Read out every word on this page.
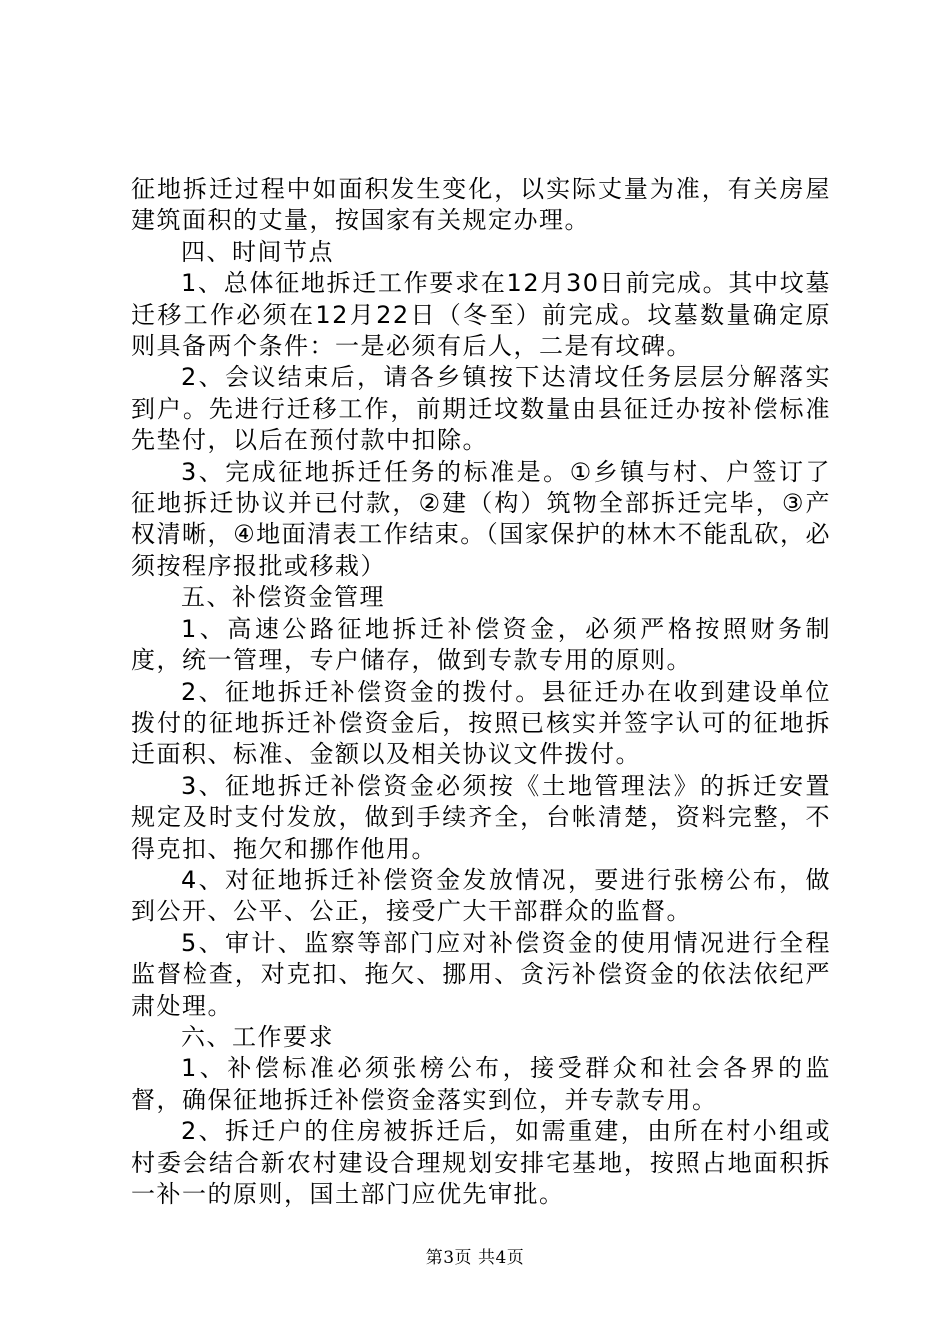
征地拆迁过程中如面积发生变化，以实际丈量为准，有关房屋建筑面积的丈量，按国家有关规定办理。

四、时间节点

1、总体征地拆迁工作要求在12月30日前完成。其中坟墓迁移工作必须在12月22日（冬至）前完成。坟墓数量确定原则具备两个条件：一是必须有后人，二是有坟碑。

2、会议结束后，请各乡镇按下达清坟任务层层分解落实到户。先进行迁移工作，前期迁坟数量由县征迁办按补偿标准先垫付，以后在预付款中扣除。

3、完成征地拆迁任务的标准是。①乡镇与村、户签订了征地拆迁协议并已付款，②建（构）筑物全部拆迁完毕，③产权清晰，④地面清表工作结束。（国家保护的林木不能乱砍，必须按程序报批或移栽）

五、补偿资金管理

1、高速公路征地拆迁补偿资金，必须严格按照财务制度，统一管理，专户储存，做到专款专用的原则。

2、征地拆迁补偿资金的拨付。县征迁办在收到建设单位拨付的征地拆迁补偿资金后，按照已核实并签字认可的征地拆迁面积、标准、金额以及相关协议文件拨付。

3、征地拆迁补偿资金必须按《土地管理法》的拆迁安置规定及时支付发放，做到手续齐全，台帐清楚，资料完整，不得克扣、拖欠和挪作他用。

4、对征地拆迁补偿资金发放情况，要进行张榜公布，做到公开、公平、公正，接受广大干部群众的监督。

5、审计、监察等部门应对补偿资金的使用情况进行全程监督检查，对克扣、拖欠、挪用、贪污补偿资金的依法依纪严肃处理。

六、工作要求

1、补偿标准必须张榜公布，接受群众和社会各界的监督，确保征地拆迁补偿资金落实到位，并专款专用。

2、拆迁户的住房被拆迁后，如需重建，由所在村小组或村委会结合新农村建设合理规划安排宅基地，按照占地面积拆一补一的原则，国土部门应优先审批。

第3页 共4页
